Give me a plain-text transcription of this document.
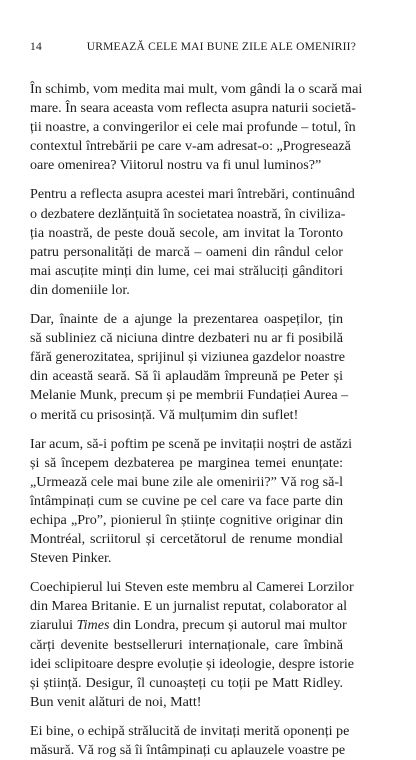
14	URMEAZĂ CELE MAI BUNE ZILE ALE OMENIRII?
În schimb, vom medita mai mult, vom gândi la o scară mai
mare. În seara aceasta vom reflecta asupra naturii societă-
ții noastre, a convingerilor ei cele mai profunde – totul, în
contextul întrebării pe care v-am adresat-o: „Progresează
oare omenirea? Viitorul nostru va fi unul luminos?”
Pentru a reflecta asupra acestei mari întrebări, continuând
o dezbatere dezlănțuită în societatea noastră, în civiliza-
ția noastră, de peste două secole, am invitat la Toronto
patru personalități de marcă – oameni din rândul celor
mai ascuțite minți din lume, cei mai străluciți gânditori
din domeniile lor.
Dar, înainte de a ajunge la prezentarea oaspeților, țin
să subliniez că niciuna dintre dezbateri nu ar fi posibilă
fără generozitatea, sprijinul și viziunea gazdelor noastre
din această seară. Să îi aplaudăm împreună pe Peter și
Melanie Munk, precum și pe membrii Fundației Aurea –
o merită cu prisosință. Vă mulțumim din suflet!
Iar acum, să-i poftim pe scenă pe invitații noștri de astăzi
și să începem dezbaterea pe marginea temei enunțate:
„Urmează cele mai bune zile ale omenirii?” Vă rog să-l
întâmpinați cum se cuvine pe cel care va face parte din
echipa „Pro”, pionierul în științe cognitive originar din
Montréal, scriitorul și cercetătorul de renume mondial
Steven Pinker.
Coechipierul lui Steven este membru al Camerei Lorzilor
din Marea Britanie. E un jurnalist reputat, colaborator al
ziarului Times din Londra, precum și autorul mai multor
cărți devenite bestselleruri internaționale, care îmbină
idei sclipitoare despre evoluție și ideologie, despre istorie
și știință. Desigur, îl cunoașteți cu toții pe Matt Ridley.
Bun venit alături de noi, Matt!
Ei bine, o echipă strălucită de invitați merită oponenți pe
măsură. Vă rog să îi întâmpinați cu aplauzele voastre pe
